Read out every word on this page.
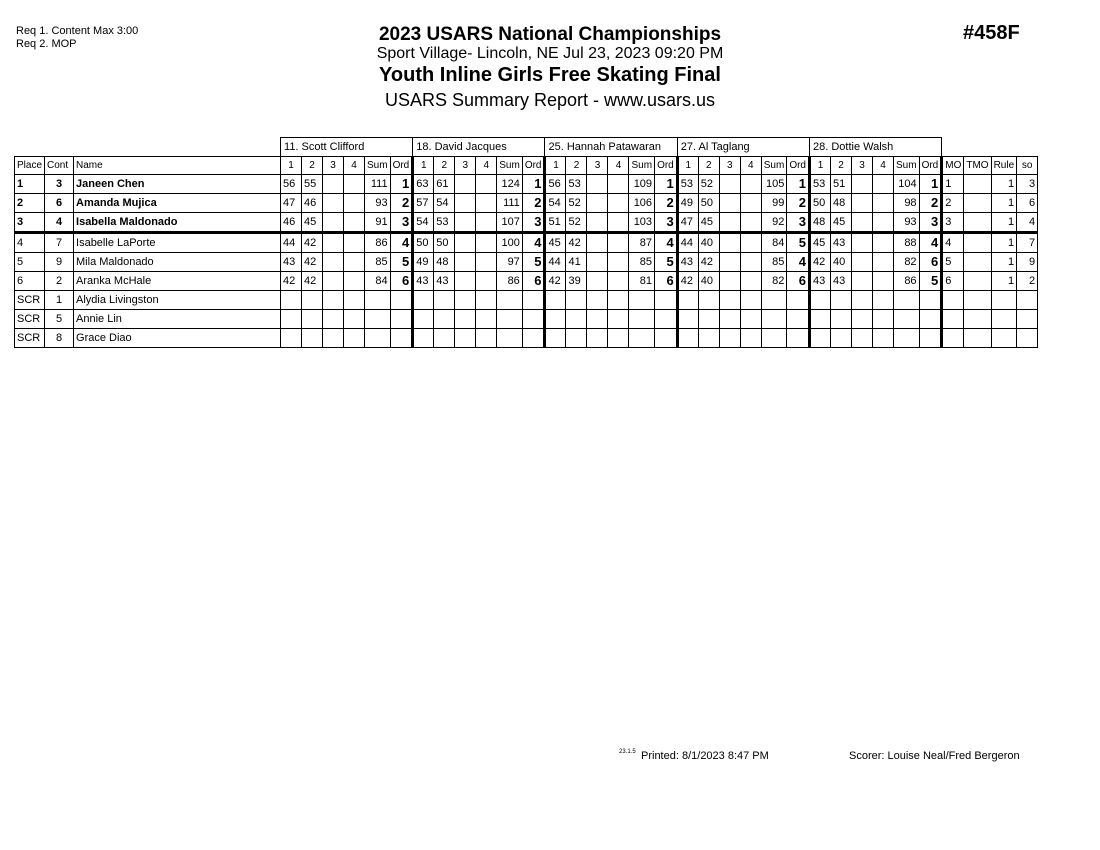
Req 1. Content Max 3:00
Req 2. MOP	#458F
2023 USARS National Championships
Sport Village- Lincoln, NE Jul 23, 2023 09:20 PM
Youth Inline Girls Free Skating Final
USARS Summary Report - www.usars.us
			11. Scott Clifford						18. David Jacques						25. Hannah Patawaran						27. Al Taglang						28. Dottie Walsh									
Place	Cont	Name	1	2	3	4	Sum	Ord	1	2	3	4	Sum	Ord	1	2	3	4	Sum	Ord	1	2	3	4	Sum	Ord	1	2	3	4	Sum	Ord	MO	TMO	Rule	so
1	3	Janeen Chen	56	55			111	1	63	61			124	1	56	53			109	1	53	52			105	1	53	51			104	1	1		1	3
2	6	Amanda Mujica	47	46			93	2	57	54			111	2	54	52			106	2	49	50			99	2	50	48			98	2	2		1	6
3	4	Isabella Maldonado	46	45			91	3	54	53			107	3	51	52			103	3	47	45			92	3	48	45			93	3	3		1	4
4	7	Isabelle LaPorte	44	42			86	4	50	50			100	4	45	42			87	4	44	40			84	5	45	43			88	4	4		1	7
5	9	Mila Maldonado	43	42			85	5	49	48			97	5	44	41			85	5	43	42			85	4	42	40			82	6	5		1	9
6	2	Aranka McHale	42	42			84	6	43	43			86	6	42	39			81	6	42	40			82	6	43	43			86	5	6		1	2
SCR	1	Alydia Livingston																																		
SCR	5	Annie Lin																																		
SCR	8	Grace Diao																																		
23.1.5 Printed: 8/1/2023 8:47 PM	Scorer: Louise Neal/Fred Bergeron
